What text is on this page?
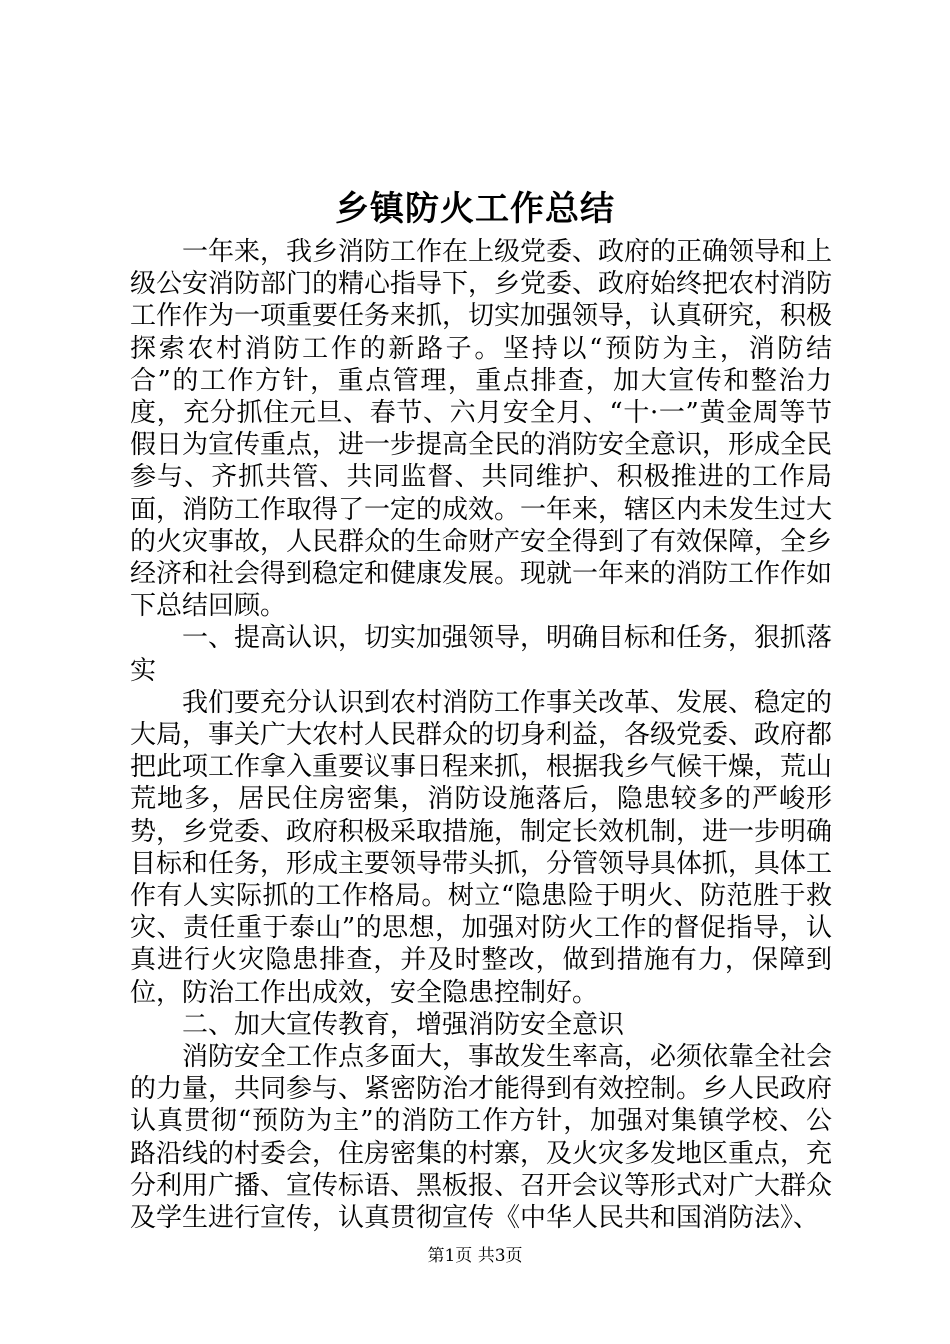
乡镇防火工作总结

一年来，我乡消防工作在上级党委、政府的正确领导和上级公安消防部门的精心指导下，乡党委、政府始终把农村消防工作作为一项重要任务来抓，切实加强领导，认真研究，积极探索农村消防工作的新路子。坚持以“预防为主，消防结合”的工作方针，重点管理，重点排查，加大宣传和整治力度，充分抓住元旦、春节、六月安全月、“十·一”黄金周等节假日为宣传重点，进一步提高全民的消防安全意识，形成全民参与、齐抓共管、共同监督、共同维护、积极推进的工作局面，消防工作取得了一定的成效。一年来，辖区内未发生过大的火灾事故，人民群众的生命财产安全得到了有效保障，全乡经济和社会得到稳定和健康发展。现就一年来的消防工作作如下总结回顾。

一、提高认识，切实加强领导，明确目标和任务，狠抓落实

我们要充分认识到农村消防工作事关改革、发展、稳定的大局，事关广大农村人民群众的切身利益，各级党委、政府都把此项工作拿入重要议事日程来抓，根据我乡气候干燥，荒山荒地多，居民住房密集，消防设施落后，隐患较多的严峻形势，乡党委、政府积极采取措施，制定长效机制，进一步明确目标和任务，形成主要领导带头抓，分管领导具体抓，具体工作有人实际抓的工作格局。树立“隐患险于明火、防范胜于救灾、责任重于泰山”的思想，加强对防火工作的督促指导，认真进行火灾隐患排查，并及时整改，做到措施有力，保障到位，防治工作出成效，安全隐患控制好。

二、加大宣传教育，增强消防安全意识

消防安全工作点多面大，事故发生率高，必须依靠全社会的力量，共同参与、紧密防治才能得到有效控制。乡人民政府认真贯彻“预防为主”的消防工作方针，加强对集镇学校、公路沿线的村委会，住房密集的村寨，及火灾多发地区重点，充分利用广播、宣传标语、黑板报、召开会议等形式对广大群众及学生进行宣传，认真贯彻宣传《中华人民共和国消防法》、

第1页 共3页
